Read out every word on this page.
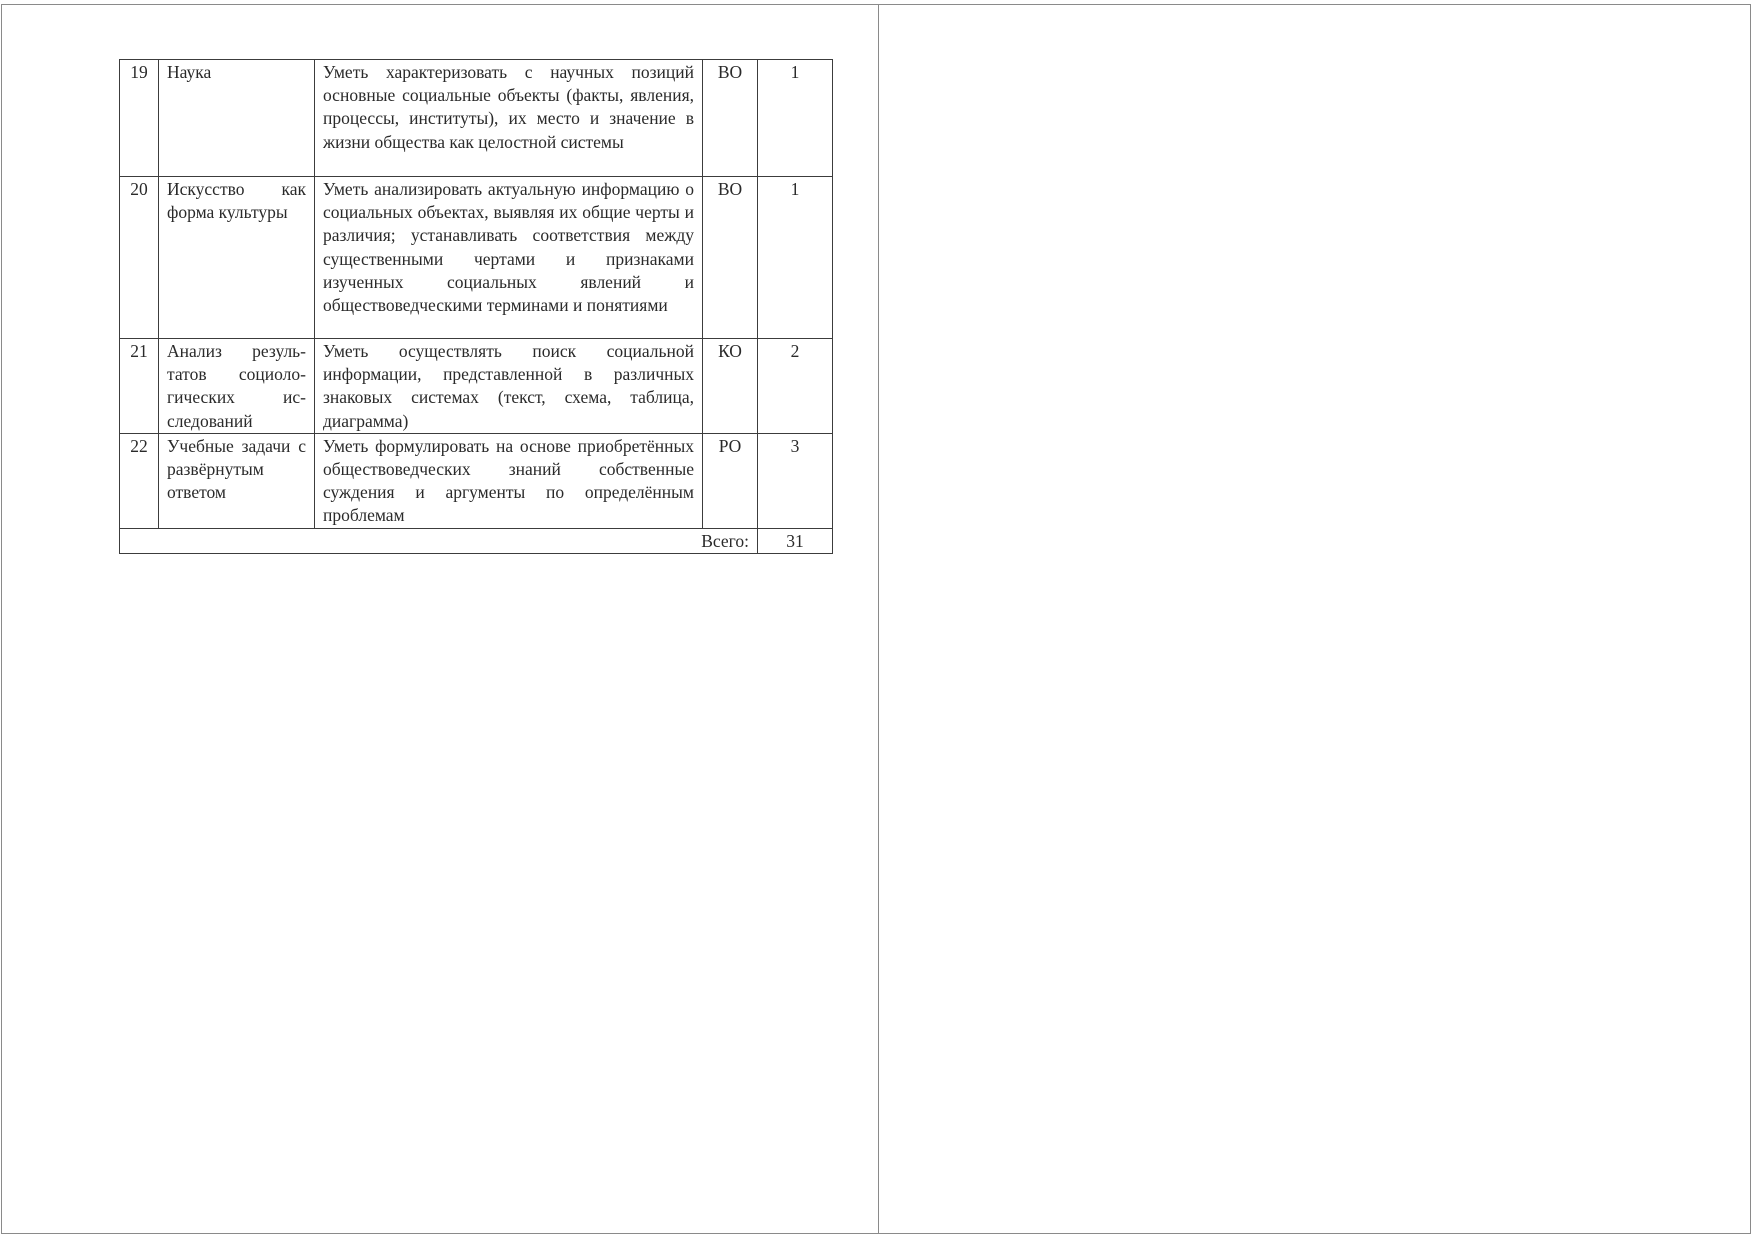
19	Наука	Уметь характеризовать с научных позиций основные социальные объекты (факты, явления, процессы, институты), их место и значение в жизни общества как целостной системы	ВО	1
20	Искусство как форма культуры	Уметь анализировать актуальную информацию о социальных объектах, выявляя их общие черты и различия; устанавливать соответствия между существенными чертами и признаками изученных социальных явлений и обществоведческими терминами и понятиями	ВО	1
21	Анализ результатов социологических исследований	Уметь осуществлять поиск социальной информации, представленной в различных знаковых системах (текст, схема, таблица, диаграмма)	КО	2
22	Учебные задачи с развёрнутым ответом	Уметь формулировать на основе приобретённых обществоведческих знаний собственные суждения и аргументы по определённым проблемам	РО	3
Всего:				31
